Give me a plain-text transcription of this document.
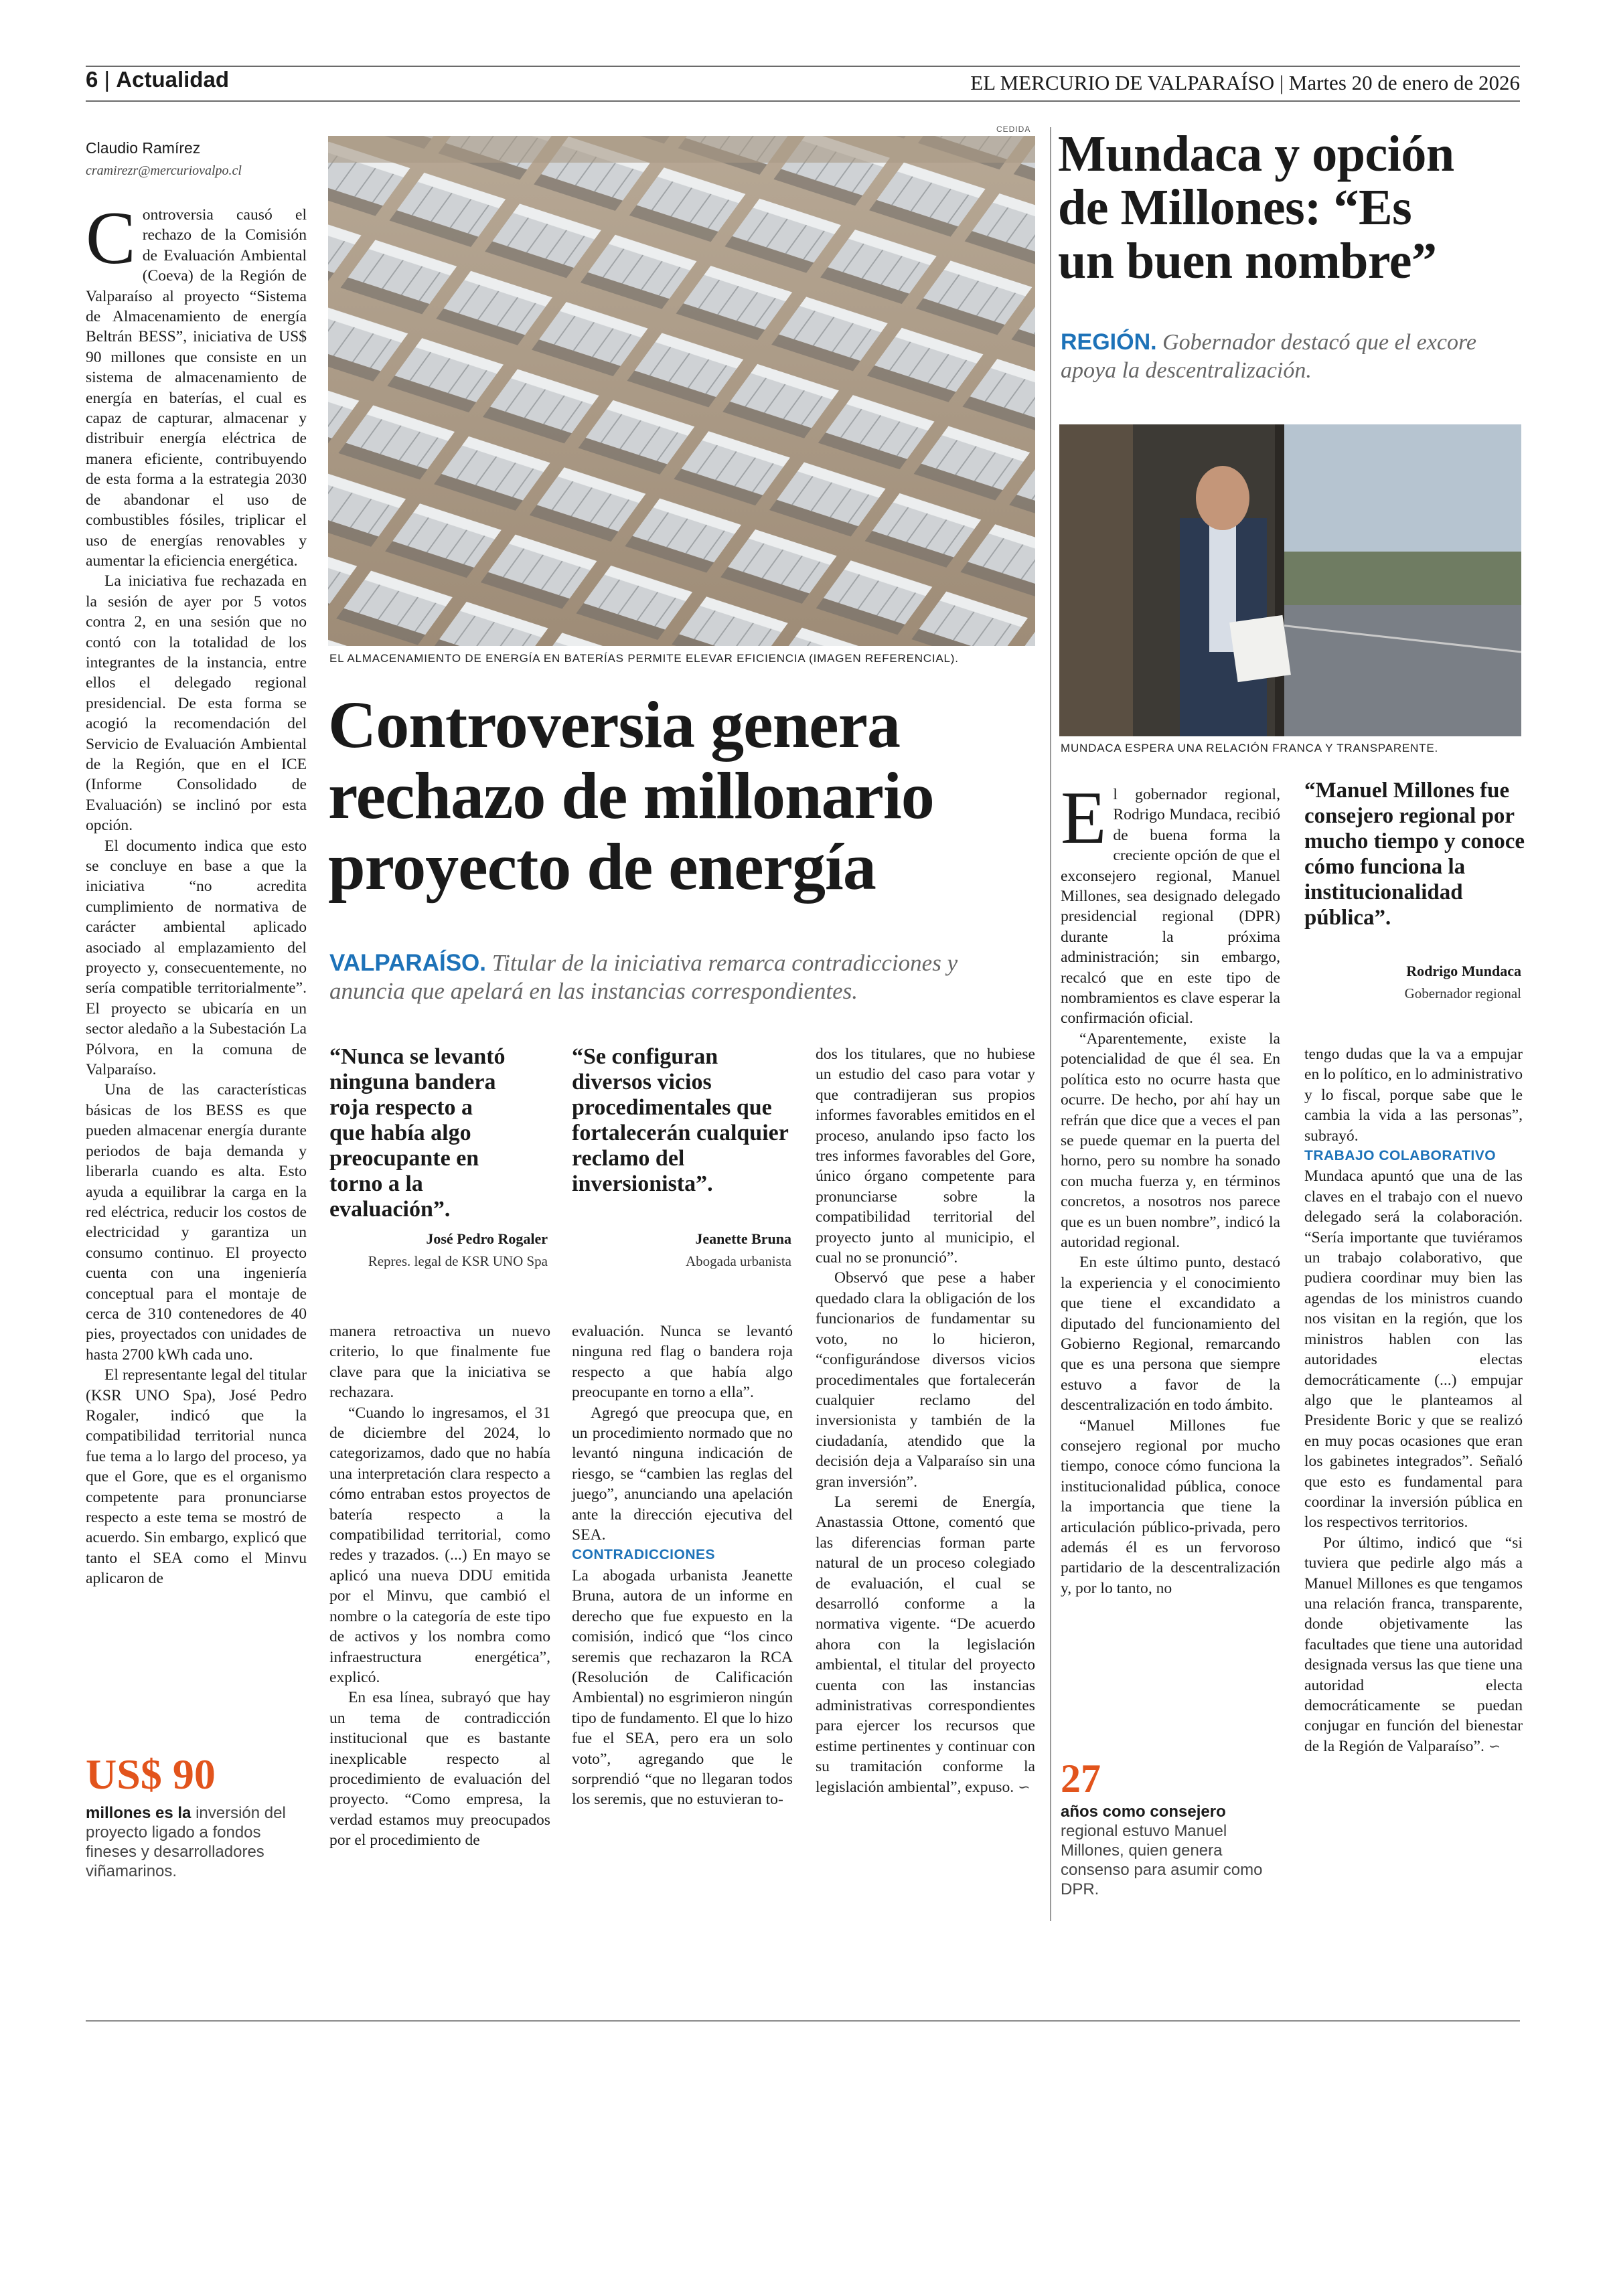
6 | Actualidad	EL MERCURIO DE VALPARAÍSO | Martes 20 de enero de 2026
Claudio Ramírez
cramirezr@mercuriovalpo.cl
CEDIDA
EL ALMACENAMIENTO DE ENERGÍA EN BATERÍAS PERMITE ELEVAR EFICIENCIA (IMAGEN REFERENCIAL).

Controversia causó el rechazo de la Comisión de Evaluación Ambiental (Coeva) de la Región de Valparaíso al proyecto “Sistema de Almacenamiento de energía Beltrán BESS”, iniciativa de US$ 90 millones que consiste en un sistema de almacenamiento de energía en baterías, el cual es capaz de capturar, almacenar y distribuir energía eléctrica de manera eficiente, contribuyendo de esta forma a la estrategia 2030 de abandonar el uso de combustibles fósiles, triplicar el uso de energías renovables y aumentar la eficiencia energética.

La iniciativa fue rechazada en la sesión de ayer por 5 votos contra 2, en una sesión que no contó con la totalidad de los integrantes de la instancia, entre ellos el delegado regional presidencial. De esta forma se acogió la recomendación del Servicio de Evaluación Ambiental de la Región, que en el ICE (Informe Consolidado de Evaluación) se inclinó por esta opción.

El documento indica que esto se concluye en base a que la iniciativa “no acredita cumplimiento de normativa de carácter ambiental aplicado asociado al emplazamiento del proyecto y, consecuentemente, no sería compatible territorialmente”. El proyecto se ubicaría en un sector aledaño a la Subestación La Pólvora, en la comuna de Valparaíso.

Una de las características básicas de los BESS es que pueden almacenar energía durante periodos de baja demanda y liberarla cuando es alta. Esto ayuda a equilibrar la carga en la red eléctrica, reducir los costos de electricidad y garantiza un consumo continuo. El proyecto cuenta con una ingeniería conceptual para el montaje de cerca de 310 contenedores de 40 pies, proyectados con unidades de hasta 2700 kWh cada uno.

El representante legal del titular (KSR UNO Spa), José Pedro Rogaler, indicó que la compatibilidad territorial nunca fue tema a lo largo del proceso, ya que el Gore, que es el organismo competente para pronunciarse respecto a este tema se mostró de acuerdo. Sin embargo, explicó que tanto el SEA como el Minvu aplicaron de

US$ 90
millones es la inversión del proyecto ligado a fondos fineses y desarrolladores viñamarinos.
Controversia genera
rechazo de millonario
proyecto de energía
VALPARAÍSO. Titular de la iniciativa remarca contradicciones y anuncia que apelará en las instancias correspondientes.
“Nunca se levantó ninguna bandera roja respecto a que había algo preocupante en torno a la evaluación”.
José Pedro Rogaler
Repres. legal de KSR UNO Spa
“Se configuran diversos vicios procedimentales que fortalecerán cualquier reclamo del inversionista”.
Jeanette Bruna
Abogada urbanista

manera retroactiva un nuevo criterio, lo que finalmente fue clave para que la iniciativa se rechazara.

“Cuando lo ingresamos, el 31 de diciembre del 2024, lo categorizamos, dado que no había una interpretación clara respecto a cómo entraban estos proyectos de batería respecto a la compatibilidad territorial, como redes y trazados. (...) En mayo se aplicó una nueva DDU emitida por el Minvu, que cambió el nombre o la categoría de este tipo de activos y los nombra como infraestructura energética”, explicó.

En esa línea, subrayó que hay un tema de contradicción institucional que es bastante inexplicable respecto al procedimiento de evaluación del proyecto. “Como empresa, la verdad estamos muy preocupados por el procedimiento de

evaluación. Nunca se levantó ninguna red flag o bandera roja respecto a que había algo preocupante en torno a ella”.

Agregó que preocupa que, en un procedimiento normado que no levantó ninguna indicación de riesgo, se “cambien las reglas del juego”, anunciando una apelación ante la dirección ejecutiva del SEA.

CONTRADICCIONES

La abogada urbanista Jeanette Bruna, autora de un informe en derecho que fue expuesto en la comisión, indicó que “los cinco seremis que rechazaron la RCA (Resolución de Calificación Ambiental) no esgrimieron ningún tipo de fundamento. El que lo hizo fue el SEA, pero era un solo voto”, agregando que le sorprendió “que no llegaran todos los seremis, que no estuvieran to-

dos los titulares, que no hubiese un estudio del caso para votar y que contradijeran sus propios informes favorables emitidos en el proceso, anulando ipso facto los tres informes favorables del Gore, único órgano competente para pronunciarse sobre la compatibilidad territorial del proyecto junto al municipio, el cual no se pronunció”.

Observó que pese a haber quedado clara la obligación de los funcionarios de fundamentar su voto, no lo hicieron, “configurándose diversos vicios procedimentales que fortalecerán cualquier reclamo del inversionista y también de la ciudadanía, atendido que la decisión deja a Valparaíso sin una gran inversión”.

La seremi de Energía, Anastassia Ottone, comentó que las diferencias forman parte natural de un proceso colegiado de evaluación, el cual se desarrolló conforme a la normativa vigente. “De acuerdo ahora con la legislación ambiental, el titular del proyecto cuenta con las instancias administrativas correspondientes para ejercer los recursos que estime pertinentes y continuar con su tramitación conforme la legislación ambiental”, expuso. ∽

Mundaca y opción
de Millones: “Es
un buen nombre”
REGIÓN. Gobernador destacó que el excore apoya la descentralización.
MUNDACA ESPERA UNA RELACIÓN FRANCA Y TRANSPARENTE.

El gobernador regional, Rodrigo Mundaca, recibió de buena forma la creciente opción de que el exconsejero regional, Manuel Millones, sea designado delegado presidencial regional (DPR) durante la próxima administración; sin embargo, recalcó que en este tipo de nombramientos es clave esperar la confirmación oficial.

“Aparentemente, existe la potencialidad de que él sea. En política esto no ocurre hasta que ocurre. De hecho, por ahí hay un refrán que dice que a veces el pan se puede quemar en la puerta del horno, pero su nombre ha sonado con mucha fuerza y, en términos concretos, a nosotros nos parece que es un buen nombre”, indicó la autoridad regional.

En este último punto, destacó la experiencia y el conocimiento que tiene el excandidato a diputado del funcionamiento del Gobierno Regional, remarcando que es una persona que siempre estuvo a favor de la descentralización en todo ámbito.

“Manuel Millones fue consejero regional por mucho tiempo, conoce cómo funciona la institucionalidad pública, conoce la importancia que tiene la articulación público-privada, pero además él es un fervoroso partidario de la descentralización y, por lo tanto, no

27
años como consejero regional estuvo Manuel Millones, quien genera consenso para asumir como DPR.
“Manuel Millones fue consejero regional por mucho tiempo y conoce cómo funciona la institucionalidad pública”.
Rodrigo Mundaca
Gobernador regional

tengo dudas que la va a empujar en lo político, en lo administrativo y lo fiscal, porque sabe que le cambia la vida a las personas”, subrayó.

TRABAJO COLABORATIVO

Mundaca apuntó que una de las claves en el trabajo con el nuevo delegado será la colaboración. “Sería importante que tuviéramos un trabajo colaborativo, que pudiera coordinar muy bien las agendas de los ministros cuando nos visitan en la región, que los ministros hablen con las autoridades electas democráticamente (...) empujar algo que le planteamos al Presidente Boric y que se realizó en muy pocas ocasiones que eran los gabinetes integrados”. Señaló que esto es fundamental para coordinar la inversión pública en los respectivos territorios.

Por último, indicó que “si tuviera que pedirle algo más a Manuel Millones es que tengamos una relación franca, transparente, donde objetivamente las facultades que tiene una autoridad designada versus las que tiene una autoridad electa democráticamente se puedan conjugar en función del bienestar de la Región de Valparaíso”. ∽
